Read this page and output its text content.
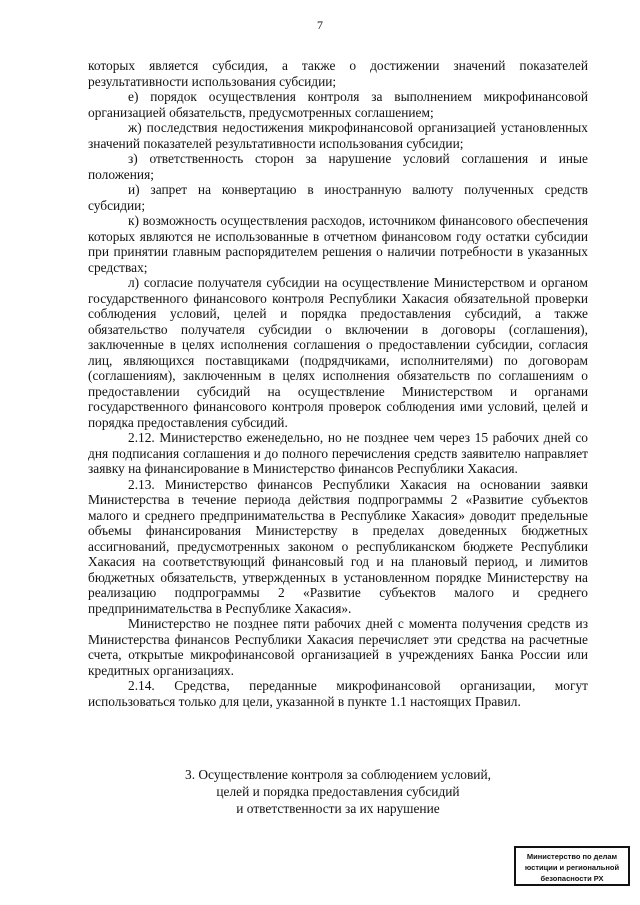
7

которых является субсидия, а также о достижении значений показателей результативности использования субсидии;

е) порядок осуществления контроля за выполнением микрофинансовой организацией обязательств, предусмотренных соглашением;

ж) последствия недостижения микрофинансовой организацией установленных значений показателей результативности использования субсидии;

з) ответственность сторон за нарушение условий соглашения и иные положения;

и) запрет на конвертацию в иностранную валюту полученных средств субсидии;

к) возможность осуществления расходов, источником финансового обеспечения которых являются не использованные в отчетном финансовом году остатки субсидии при принятии главным распорядителем решения о наличии потребности в указанных средствах;

л) согласие получателя субсидии на осуществление Министерством и органом государственного финансового контроля Республики Хакасия обязательной проверки соблюдения условий, целей и порядка предоставления субсидий, а также обязательство получателя субсидии о включении в договоры (соглашения), заключенные в целях исполнения соглашения о предоставлении субсидии, согласия лиц, являющихся поставщиками (подрядчиками, исполнителями) по договорам (соглашениям), заключенным в целях исполнения обязательств по соглашениям о предоставлении субсидий на осуществление Министерством и органами государственного финансового контроля проверок соблюдения ими условий, целей и порядка предоставления субсидий.

2.12. Министерство еженедельно, но не позднее чем через 15 рабочих дней со дня подписания соглашения и до полного перечисления средств заявителю направляет заявку на финансирование в Министерство финансов Республики Хакасия.

2.13. Министерство финансов Республики Хакасия на основании заявки Министерства в течение периода действия подпрограммы 2 «Развитие субъектов малого и среднего предпринимательства в Республике Хакасия» доводит предельные объемы финансирования Министерству в пределах доведенных бюджетных ассигнований, предусмотренных законом о республиканском бюджете Республики Хакасия на соответствующий финансовый год и на плановый период, и лимитов бюджетных обязательств, утвержденных в установленном порядке Министерству на реализацию подпрограммы 2 «Развитие субъектов малого и среднего предпринимательства в Республике Хакасия».

Министерство не позднее пяти рабочих дней с момента получения средств из Министерства финансов Республики Хакасия перечисляет эти средства на расчетные счета, открытые микрофинансовой организацией в учреждениях Банка России или кредитных организациях.

2.14. Средства, переданные микрофинансовой организации, могут использоваться только для цели, указанной в пункте 1.1 настоящих Правил.

3. Осуществление контроля за соблюдением условий,
целей и порядка предоставления субсидий
и ответственности за их нарушение
Министерство по делам
юстиции и региональной
безопасности РХ
